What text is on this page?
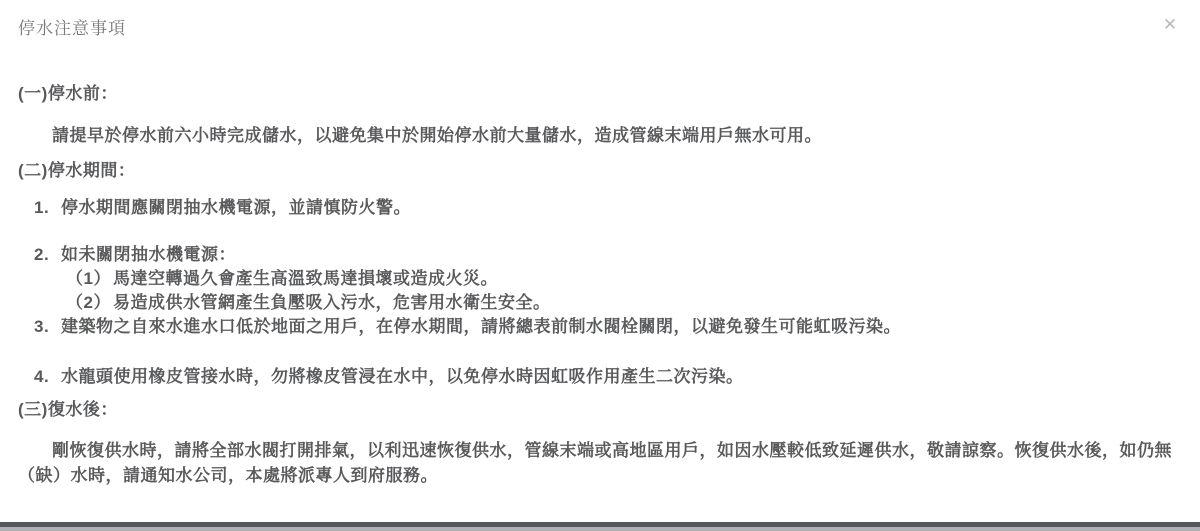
停水注意事項	✕
(一)停水前：

請提早於停水前六小時完成儲水，以避免集中於開始停水前大量儲水，造成管線末端用戶無水可用。

(二)停水期間：
1. 停水期間應關閉抽水機電源，並請慎防火警。
2. 如未關閉抽水機電源：
（1） 馬達空轉過久會產生高溫致馬達損壞或造成火災。
（2） 易造成供水管網產生負壓吸入污水，危害用水衛生安全。
3. 建築物之自來水進水口低於地面之用戶，在停水期間，請將總表前制水閥栓關閉，以避免發生可能虹吸污染。
4. 水龍頭使用橡皮管接水時，勿將橡皮管浸在水中，以免停水時因虹吸作用產生二次污染。
(三)復水後：

剛恢復供水時，請將全部水閥打開排氣，以利迅速恢復供水，管線末端或高地區用戶，如因水壓較低致延遲供水，敬請諒察。恢復供水後，如仍無（缺）水時，請通知水公司，本處將派專人到府服務。
